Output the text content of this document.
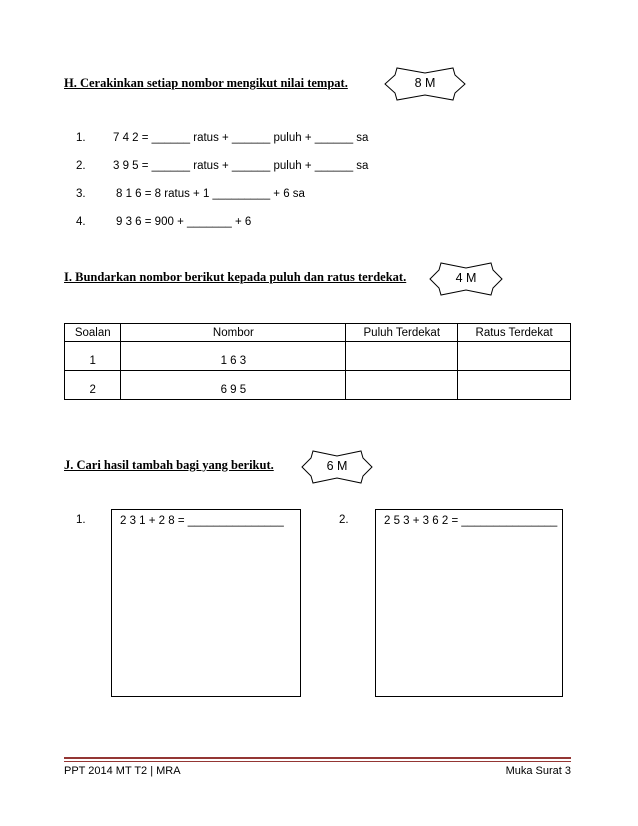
H. Cerakinkan setiap nombor mengikut nilai tempat.	8 M
1. 7 4 2 = ______ ratus + ______ puluh + ______ sa
2. 3 9 5 = ______ ratus + ______ puluh + ______ sa
3.	8 1 6 = 8 ratus + 1 _________ + 6 sa
4.	9 3 6 = 900 + _______ + 6
I. Bundarkan nombor berikut kepada puluh dan ratus terdekat.	4 M
Soalan	Nombor	Puluh Terdekat	Ratus Terdekat
1	1 6 3		
2	6 9 5		
J. Cari hasil tambah bagi yang berikut.	6 M
1.	2 3 1 + 2 8 = _______________	2.	2 5 3 + 3 6 2 = _______________
PPT 2014 MT T2 | MRA	Muka Surat 3
